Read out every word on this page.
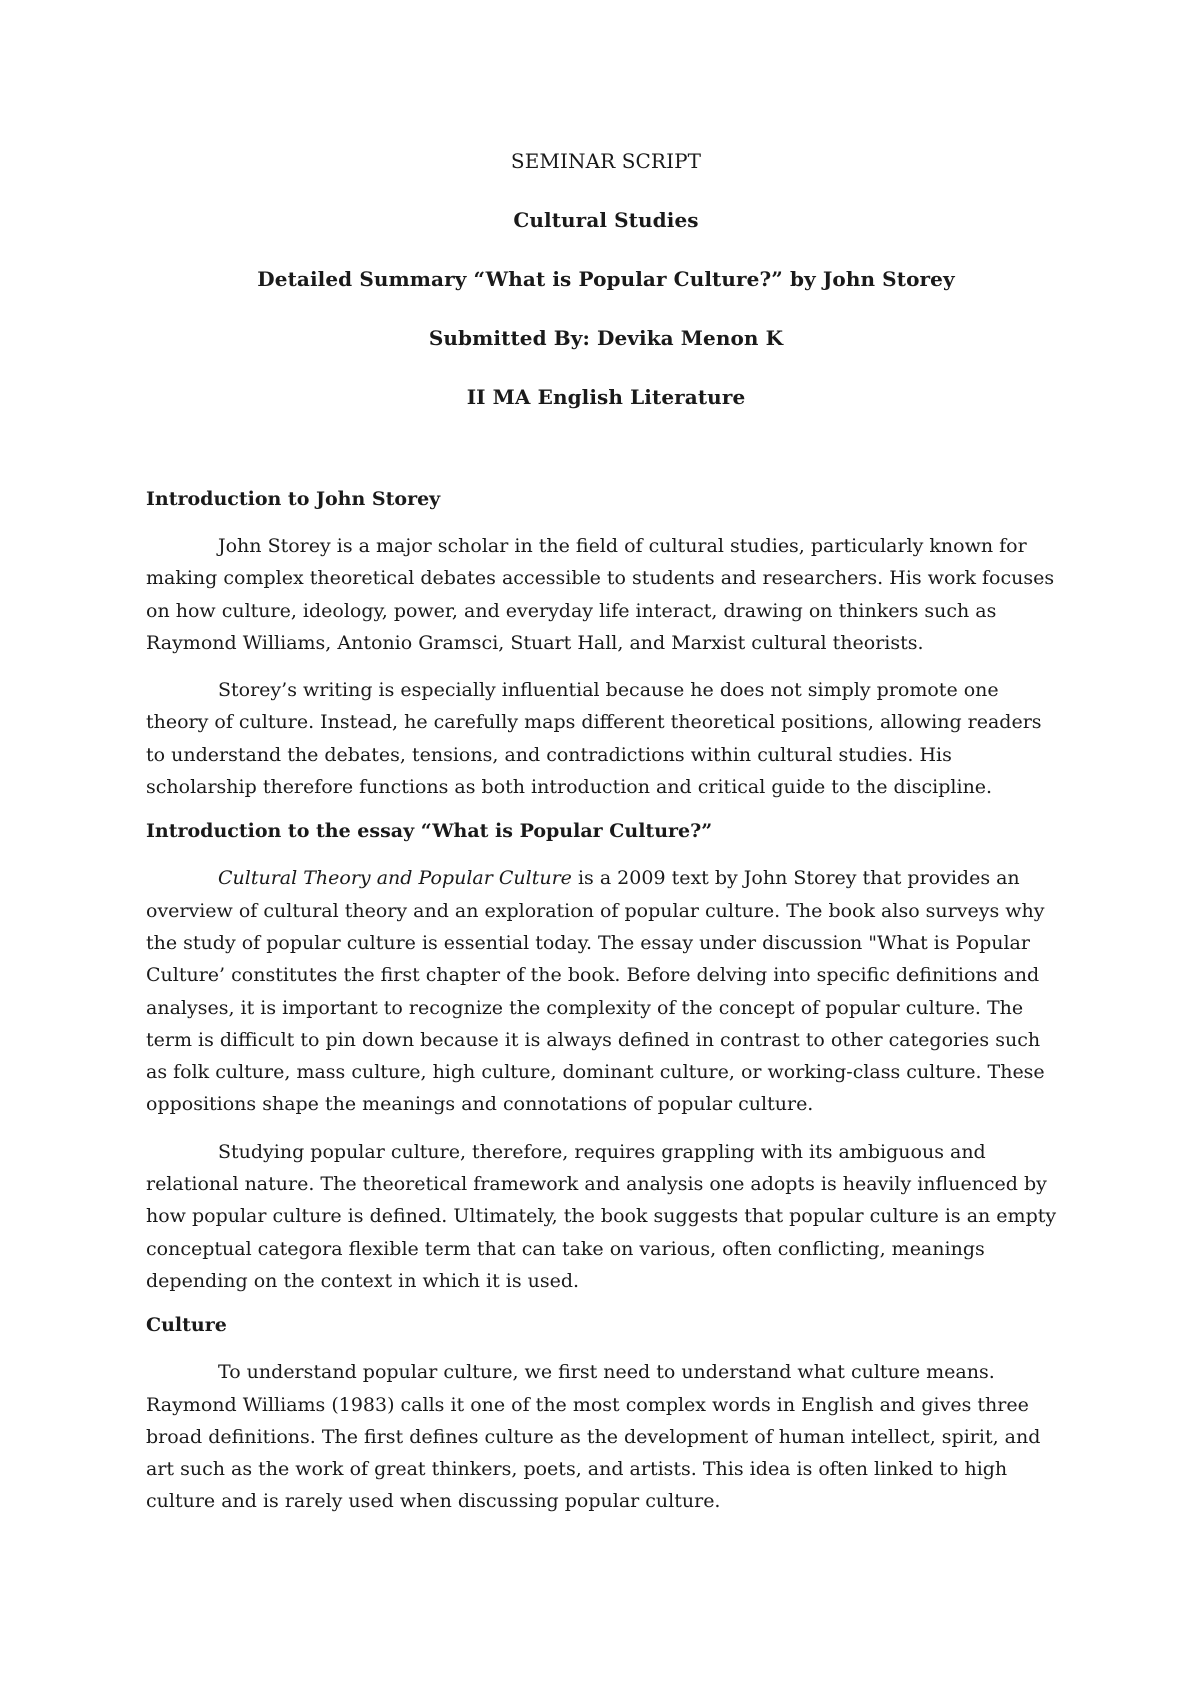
SEMINAR SCRIPT

Cultural Studies

Detailed Summary “What is Popular Culture?” by John Storey

Submitted By: Devika Menon K

II MA English Literature

Introduction to John Storey

John Storey is a major scholar in the field of cultural studies, particularly known for making complex theoretical debates accessible to students and researchers. His work focuses on how culture, ideology, power, and everyday life interact, drawing on thinkers such as Raymond Williams, Antonio Gramsci, Stuart Hall, and Marxist cultural theorists.

Storey’s writing is especially influential because he does not simply promote one theory of culture. Instead, he carefully maps different theoretical positions, allowing readers to understand the debates, tensions, and contradictions within cultural studies. His scholarship therefore functions as both introduction and critical guide to the discipline.

Introduction to the essay “What is Popular Culture?”

Cultural Theory and Popular Culture is a 2009 text by John Storey that provides an overview of cultural theory and an exploration of popular culture. The book also surveys why the study of popular culture is essential today. The essay under discussion "What is Popular Culture’ constitutes the first chapter of the book. Before delving into specific definitions and analyses, it is important to recognize the complexity of the concept of popular culture. The term is difficult to pin down because it is always defined in contrast to other categories such as folk culture, mass culture, high culture, dominant culture, or working-class culture. These oppositions shape the meanings and connotations of popular culture.

Studying popular culture, therefore, requires grappling with its ambiguous and relational nature. The theoretical framework and analysis one adopts is heavily influenced by how popular culture is defined. Ultimately, the book suggests that popular culture is an empty conceptual categora flexible term that can take on various, often conflicting, meanings depending on the context in which it is used.

Culture

To understand popular culture, we first need to understand what culture means. Raymond Williams (1983) calls it one of the most complex words in English and gives three broad definitions. The first defines culture as the development of human intellect, spirit, and art such as the work of great thinkers, poets, and artists. This idea is often linked to high culture and is rarely used when discussing popular culture.
